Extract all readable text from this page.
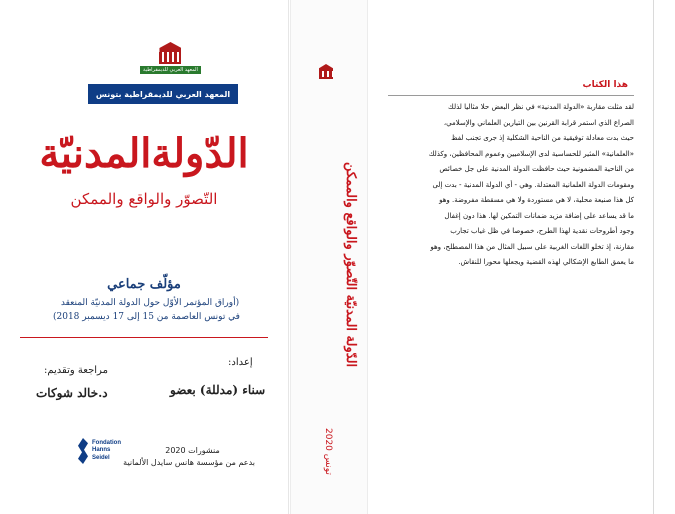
المعهد العربي للديمقراطية
المعهد العربي للديمقراطية بتونس
الدّولةالمدنيّة
التّصوّر والواقع والممكن
مؤلّف جماعي
(أوراق المؤتمر الأوّل حول الدولة المدنيّة المنعقد
في تونس العاصمة من 15 إلى 17 ديسمبر 2018)
إعداد:
مراجعة وتقديم:
سناء (مدللة) بعضو
د.خالد شوكات
Fondation
Hanns
Seidel
منشورات 2020
بدعم من مؤسسة هانس سايدل الألمانية
الدّولة المدنيّة التّصوّر والواقع والممكن
تونس 2020
هذا الكتاب
لقد مثلت مقاربة «الدولة المدنية» في نظر البعض حلا مثاليا لذلك
الصراع الذي استمر قرابة القرنين بين التيارين العلماني والإسلامي،
حيث بدت معادلة توفيقية من الناحية الشكلية إذ جرى تجنب لفظ
«العلمانية» المثير للحساسية لدى الإسلاميين وعموم المحافظين، وكذلك
من الناحية المضمونية حيث حافظت الدولة المدنية على جل خصائص
ومقومات الدولة العلمانية المعتدلة. وهي - أي الدولة المدنية - بدت إلى
كل هذا صنيعة محلية، لا هي مستوردة ولا هي مسقطة مفروضة. وهو
ما قد يساعد على إضافة مزيد ضمانات التمكين لها. هذا دون إغفال
وجود أطروحات نقدية لهذا الطرح، خصوصا في ظل غياب تجارب
مقارنة، إذ تخلو اللغات الغربية على سبيل المثال من هذا المصطلح، وهو
ما يعمق الطابع الإشكالي لهذه القضية ويجعلها محورا للنقاش.
